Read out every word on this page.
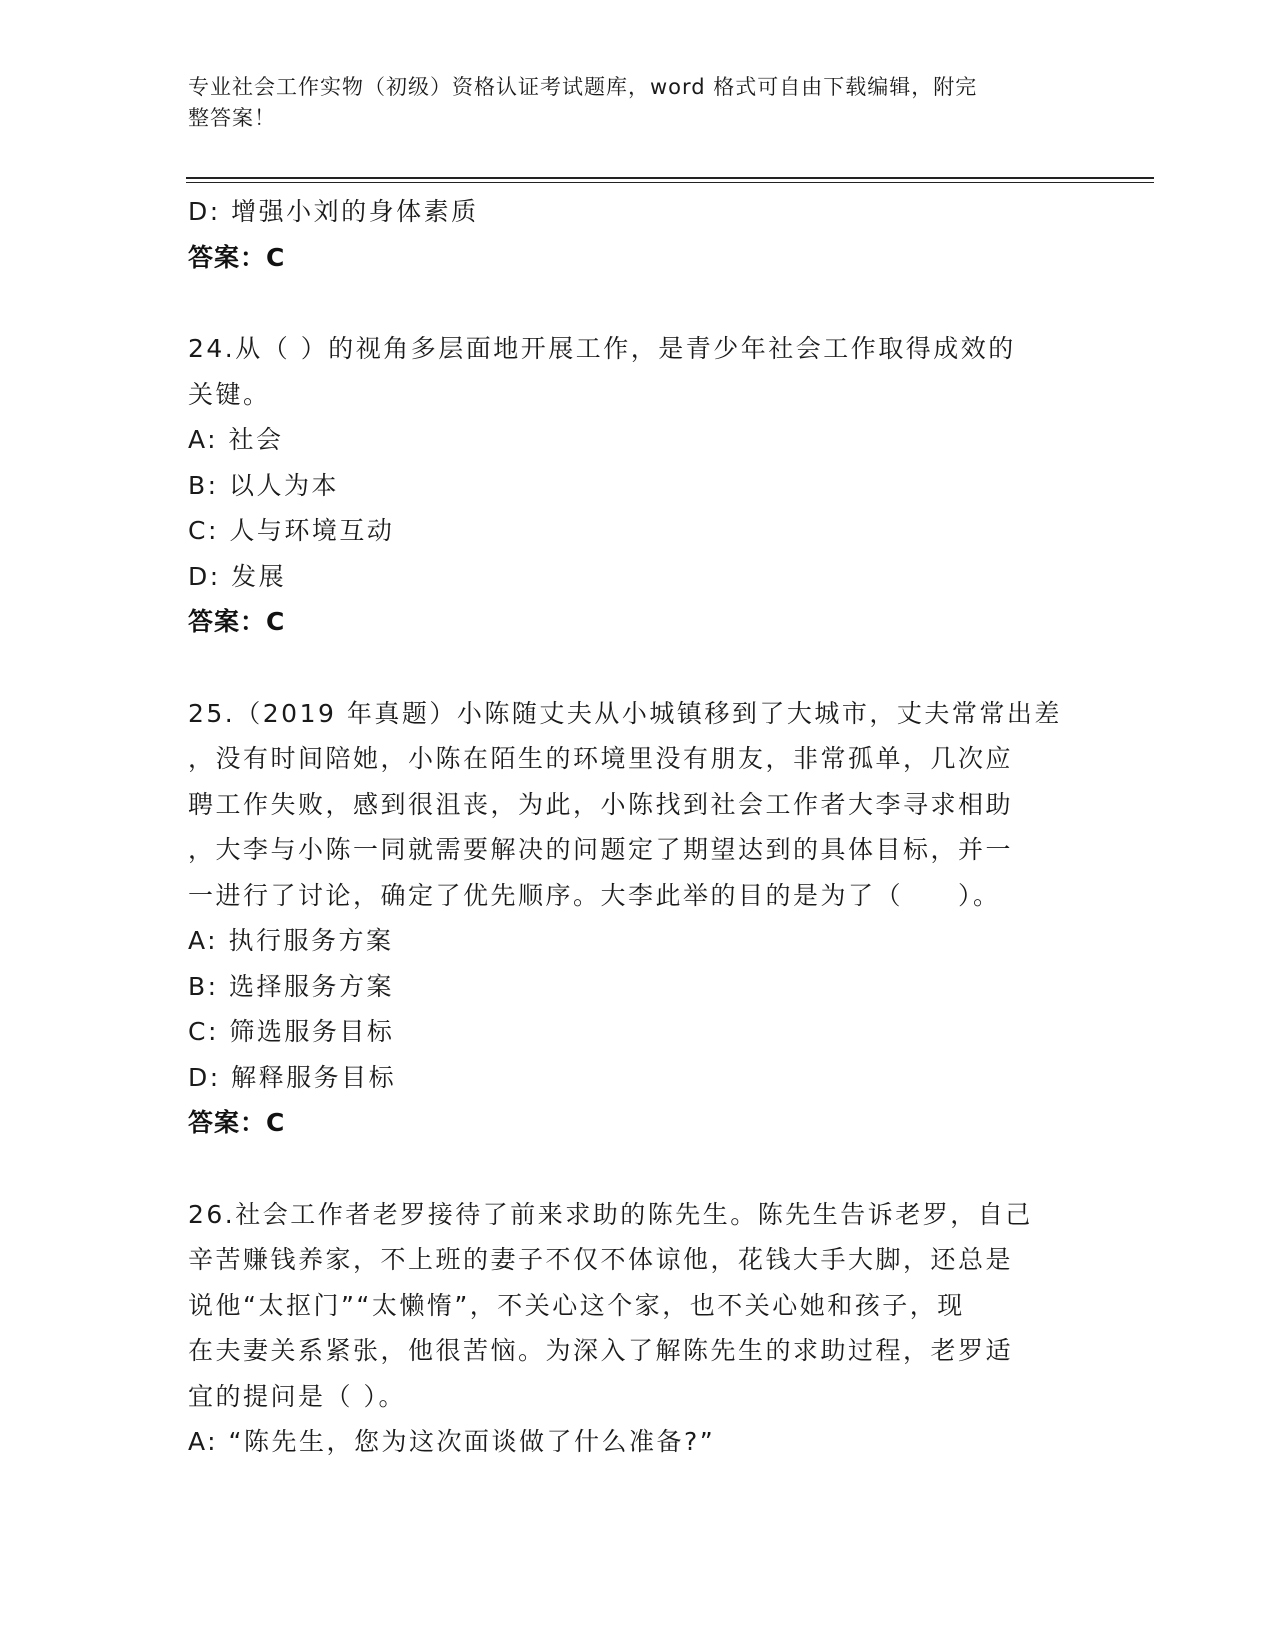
专业社会工作实物（初级）资格认证考试题库，word 格式可自由下载编辑，附完
整答案！

D: 增强小刘的身体素质

答案：C

24.从（ ）的视角多层面地开展工作，是青少年社会工作取得成效的

关键。

A: 社会

B: 以人为本

C: 人与环境互动

D: 发展

答案：C

25.（2019 年真题）小陈随丈夫从小城镇移到了大城市，丈夫常常出差

，没有时间陪她，小陈在陌生的环境里没有朋友，非常孤单，几次应

聘工作失败，感到很沮丧，为此，小陈找到社会工作者大李寻求相助

，大李与小陈一同就需要解决的问题定了期望达到的具体目标，并一

一进行了讨论，确定了优先顺序。大李此举的目的是为了（　　）。

A: 执行服务方案

B: 选择服务方案

C: 筛选服务目标

D: 解释服务目标

答案：C

26.社会工作者老罗接待了前来求助的陈先生。陈先生告诉老罗，自己

辛苦赚钱养家，不上班的妻子不仅不体谅他，花钱大手大脚，还总是

说他“太抠门”“太懒惰”，不关心这个家，也不关心她和孩子，现

在夫妻关系紧张，他很苦恼。为深入了解陈先生的求助过程，老罗适

宜的提问是（ ）。

A: “陈先生，您为这次面谈做了什么准备?”
